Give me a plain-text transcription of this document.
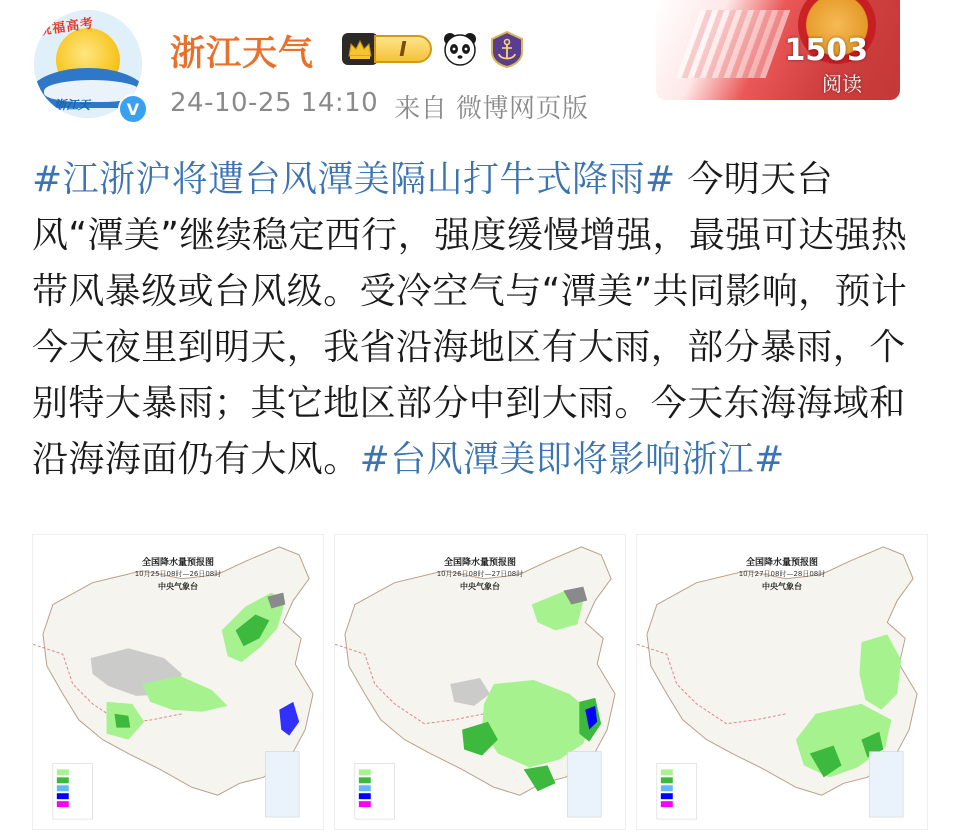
祝福高考
浙江天	V
浙江天气	I
24-10-25 14:10 来自 微博网页版
1503
阅读
#江浙沪将遭台风潭美隔山打牛式降雨# 今明天台风“潭美”继续稳定西行，强度缓慢增强，最强可达强热带风暴级或台风级。受冷空气与“潭美”共同影响，预计今天夜里到明天，我省沿海地区有大雨，部分暴雨，个别特大暴雨；其它地区部分中到大雨。今天东海海域和沿海海面仍有大风。#台风潭美即将影响浙江#
全国降水量预报图
10月25日08时—26日08时
中央气象台
全国降水量预报图
10月26日08时—27日08时
中央气象台
全国降水量预报图
10月27日08时—28日08时
中央气象台
